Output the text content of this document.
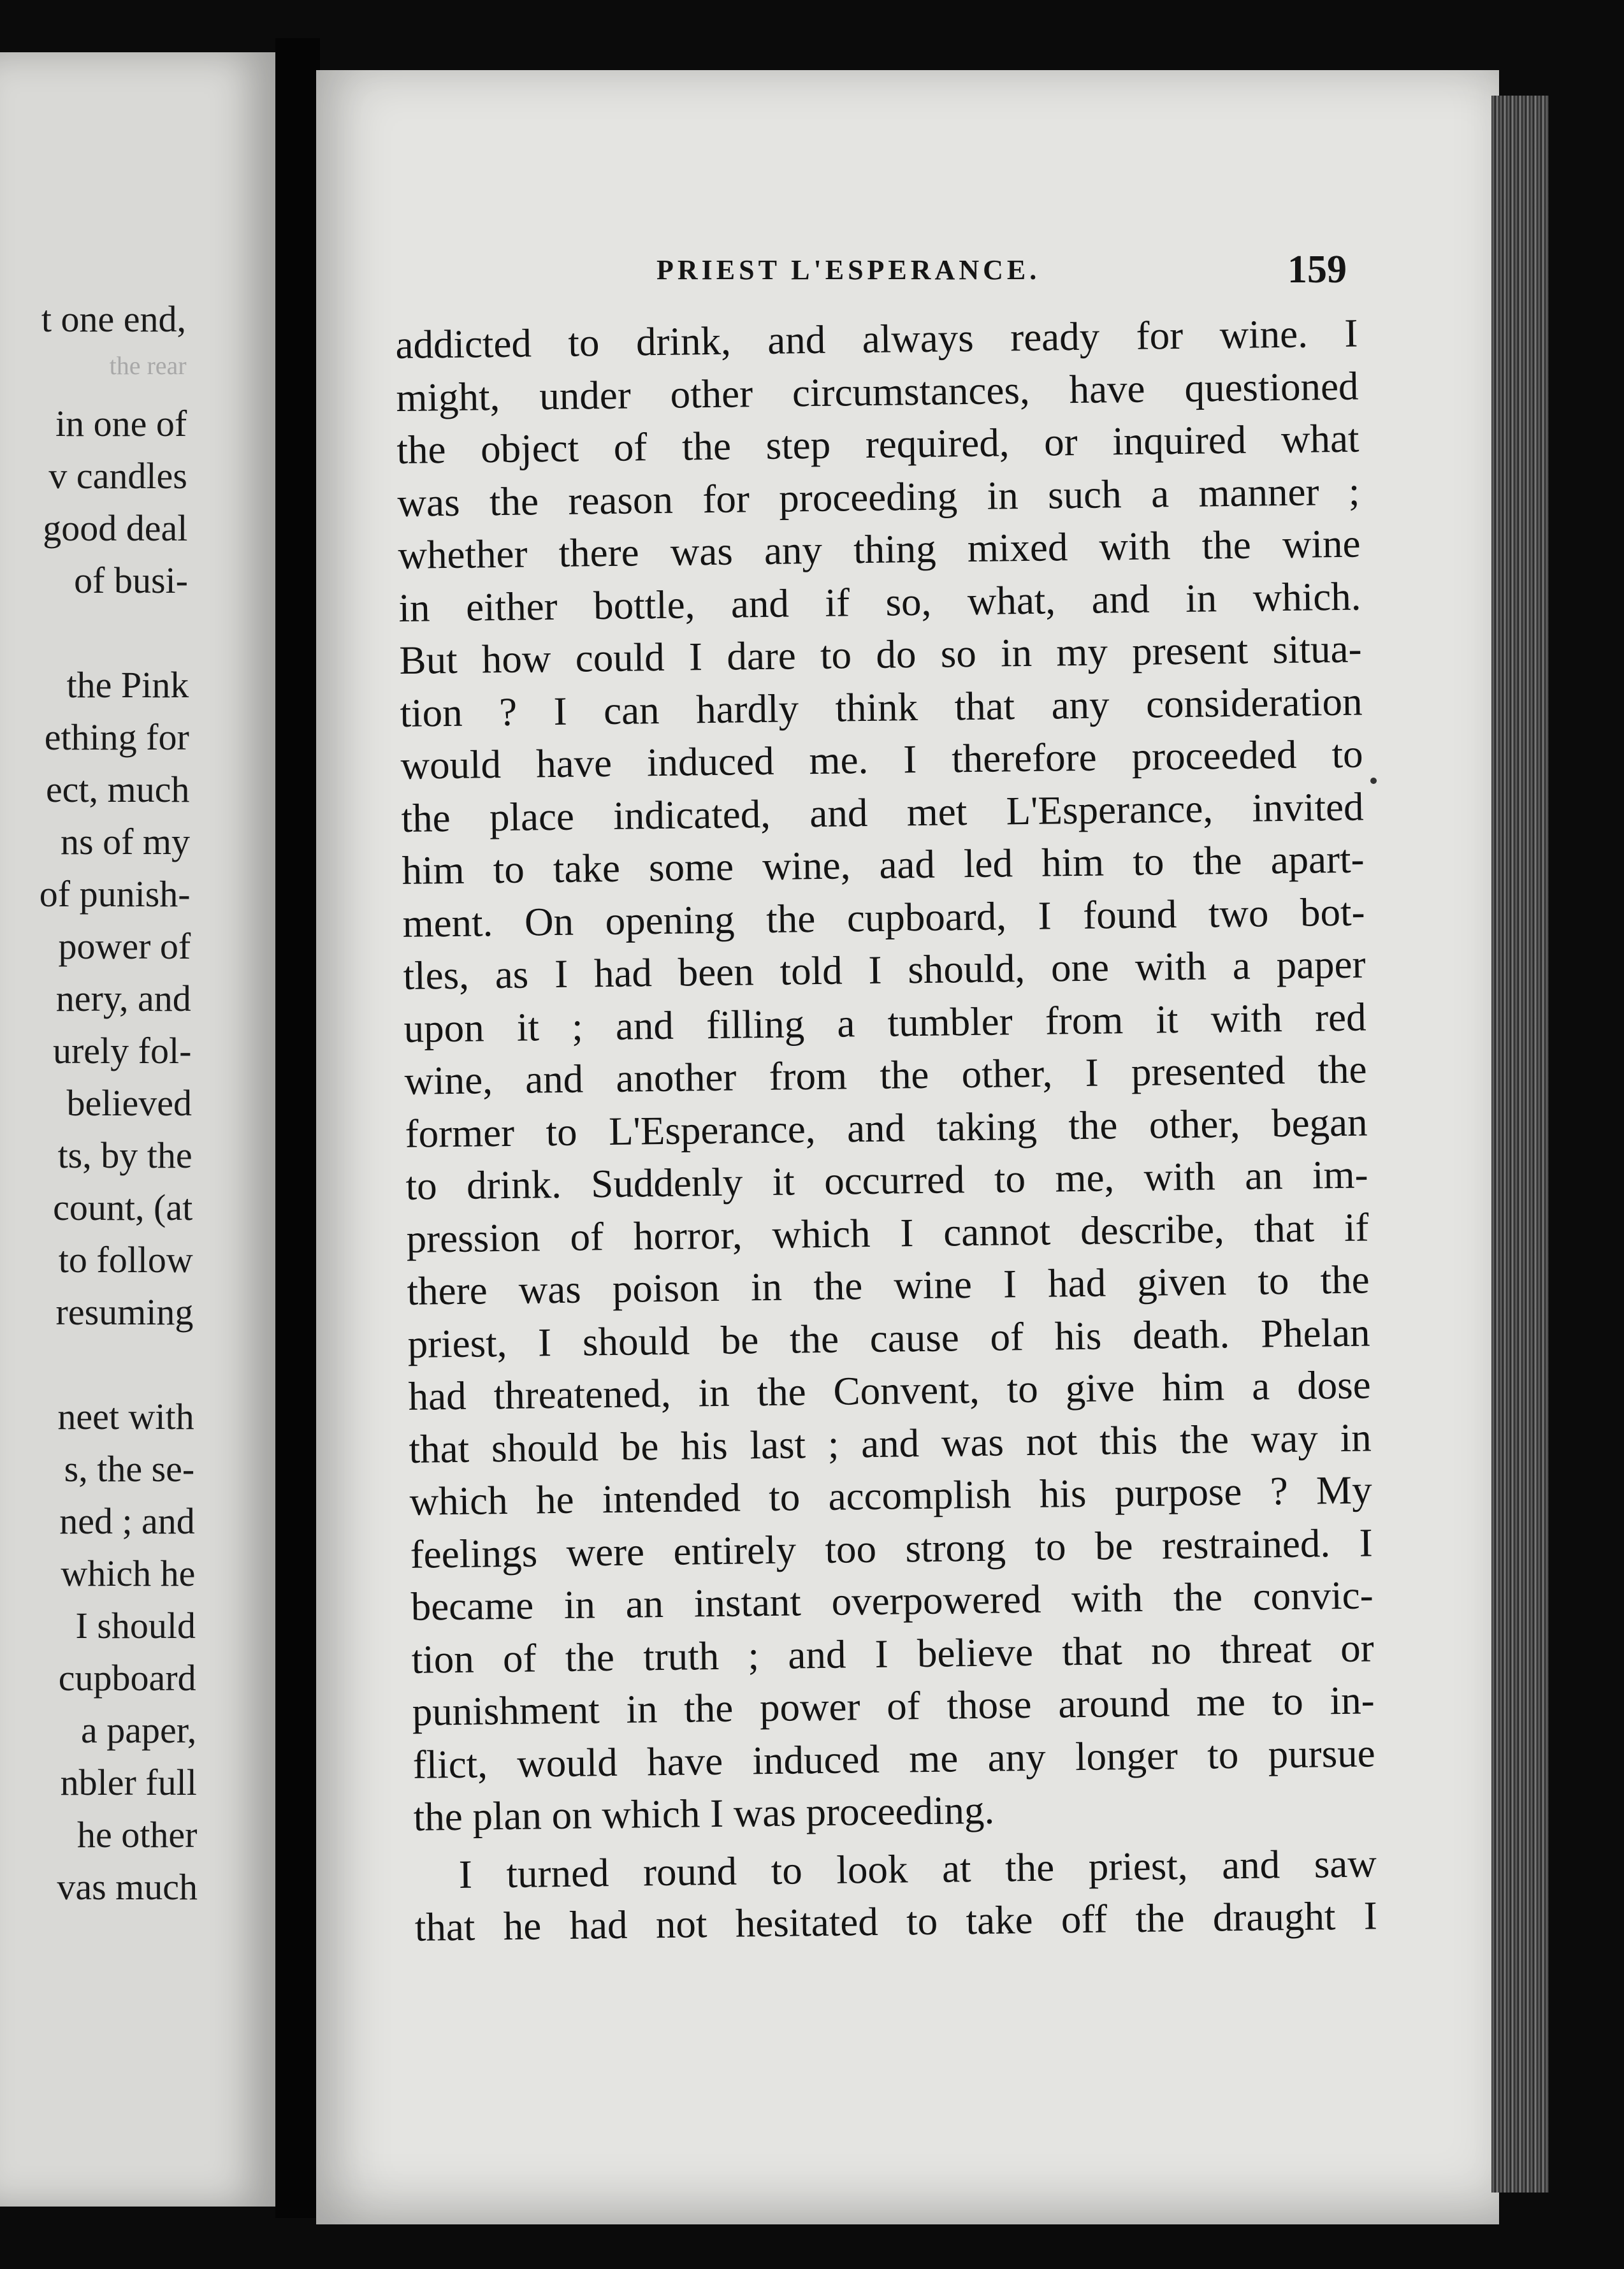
t one end,
the rear
in one of
v candles
good deal
of busi-
the Pink
ething for
ect, much
ns of my
of punish-
power of
nery, and
urely fol-
believed
ts, by the
count, (at
to follow
resuming
neet with
s, the se-
ned ; and
which he
I should
cupboard
a paper,
nbler full
he other
vas much
PRIEST L'ESPERANCE.	159
addicted to drink, and always ready for wine. I
might, under other circumstances, have questioned
the object of the step required, or inquired what
was the reason for proceeding in such a manner ;
whether there was any thing mixed with the wine
in either bottle, and if so, what, and in which.
But how could I dare to do so in my present situa-
tion ? I can hardly think that any consideration
would have induced me. I therefore proceeded to
the place indicated, and met L'Esperance, invited
him to take some wine, aad led him to the apart-
ment. On opening the cupboard, I found two bot-
tles, as I had been told I should, one with a paper
upon it ; and filling a tumbler from it with red
wine, and another from the other, I presented the
former to L'Esperance, and taking the other, began
to drink. Suddenly it occurred to me, with an im-
pression of horror, which I cannot describe, that if
there was poison in the wine I had given to the
priest, I should be the cause of his death. Phelan
had threatened, in the Convent, to give him a dose
that should be his last ; and was not this the way in
which he intended to accomplish his purpose ? My
feelings were entirely too strong to be restrained. I
became in an instant overpowered with the convic-
tion of the truth ; and I believe that no threat or
punishment in the power of those around me to in-
flict, would have induced me any longer to pursue
the plan on which I was proceeding.
I turned round to look at the priest, and saw
that he had not hesitated to take off the draught I
